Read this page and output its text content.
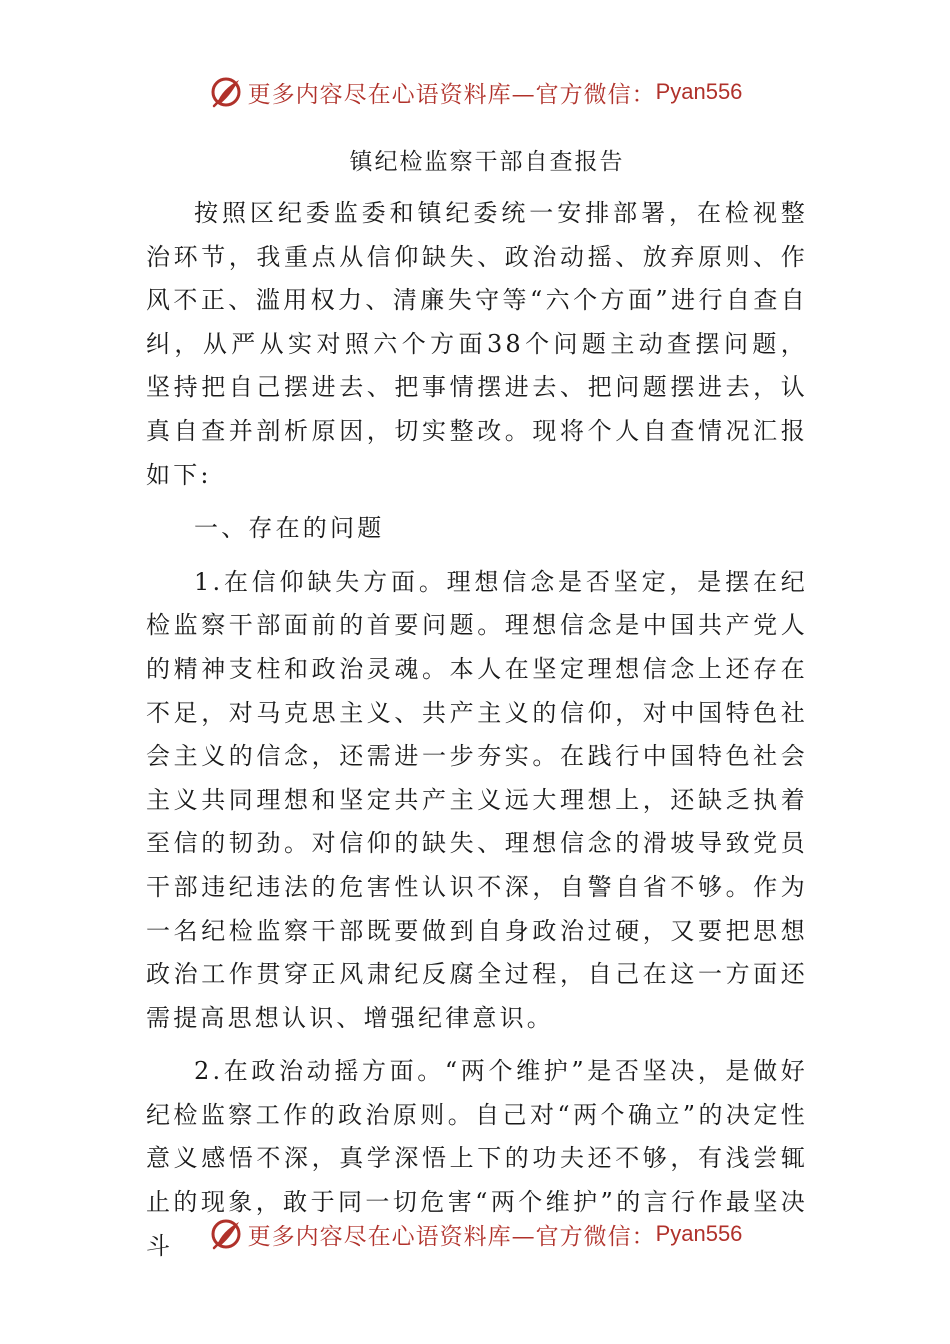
更多内容尽在心语资料库 —官方微信： Pyan556
镇纪检监察干部自查报告

按照区纪委监委和镇纪委统一安排部署，在检视整治环节，我重点从信仰缺失、政治动摇、放弃原则、作风不正、滥用权力、清廉失守等“六个方面”进行自查自纠，从严从实对照六个方面38个问题主动查摆问题，坚持把自己摆进去、把事情摆进去、把问题摆进去，认真自查并剖析原因，切实整改。现将个人自查情况汇报如下:

一、存在的问题

1.在信仰缺失方面。理想信念是否坚定，是摆在纪检监察干部面前的首要问题。理想信念是中国共产党人的精神支柱和政治灵魂。本人在坚定理想信念上还存在不足，对马克思主义、共产主义的信仰，对中国特色社会主义的信念，还需进一步夯实。在践行中国特色社会主义共同理想和坚定共产主义远大理想上，还缺乏执着至信的韧劲。对信仰的缺失、理想信念的滑坡导致党员干部违纪违法的危害性认识不深，自警自省不够。作为一名纪检监察干部既要做到自身政治过硬，又要把思想政治工作贯穿正风肃纪反腐全过程，自己在这一方面还需提高思想认识、增强纪律意识。

2.在政治动摇方面。“两个维护”是否坚决，是做好纪检监察工作的政治原则。自己对“两个确立”的决定性意义感悟不深，真学深悟上下的功夫还不够，有浅尝辄止的现象，敢于同一切危害“两个维护”的言行作最坚决斗	更多内容尽在心语资料库 —官方微信： Pyan556
